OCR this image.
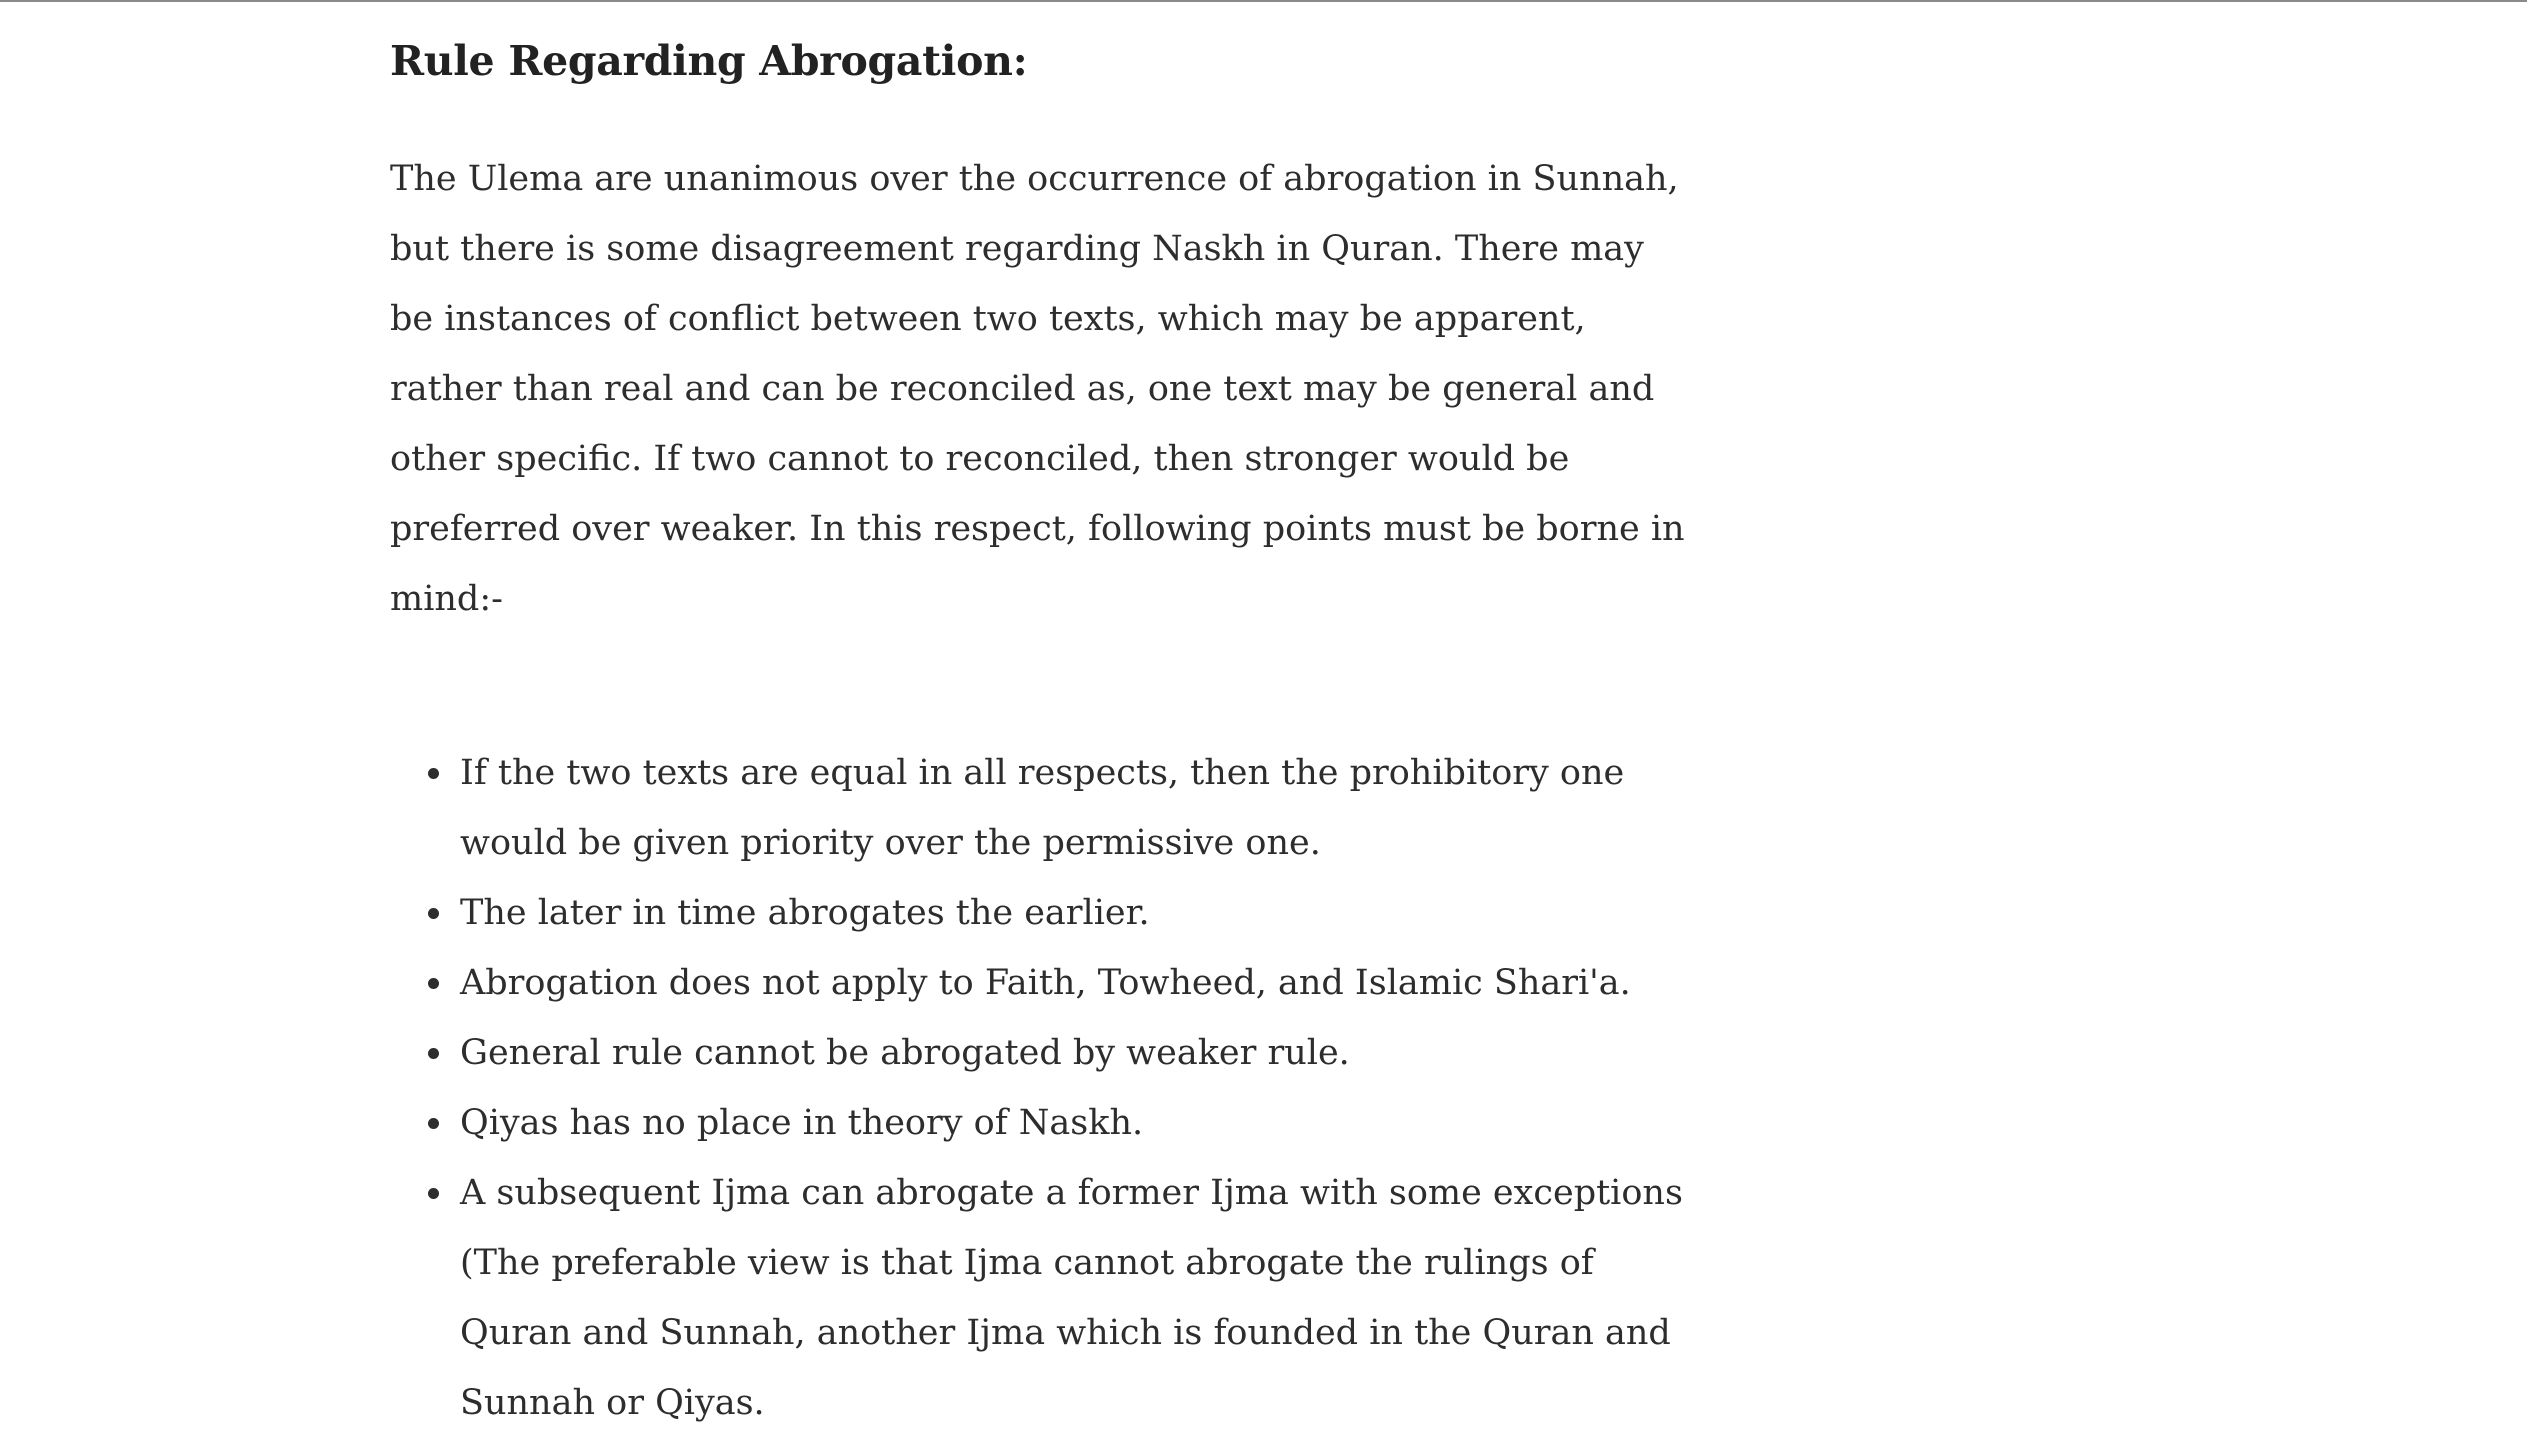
Rule Regarding Abrogation:

The Ulema are unanimous over the occurrence of abrogation in Sunnah, but there is some disagreement regarding Naskh in Quran. There may be instances of conflict between two texts, which may be apparent, rather than real and can be reconciled as, one text may be general and other specific. If two cannot to reconciled, then stronger would be preferred over weaker. In this respect, following points must be borne in mind:-

If the two texts are equal in all respects, then the prohibitory one would be given priority over the permissive one.
The later in time abrogates the earlier.
Abrogation does not apply to Faith, Towheed, and Islamic Shari'a.
General rule cannot be abrogated by weaker rule.
Qiyas has no place in theory of Naskh.
A subsequent Ijma can abrogate a former Ijma with some exceptions (The preferable view is that Ijma cannot abrogate the rulings of Quran and Sunnah, another Ijma which is founded in the Quran and Sunnah or Qiyas.
